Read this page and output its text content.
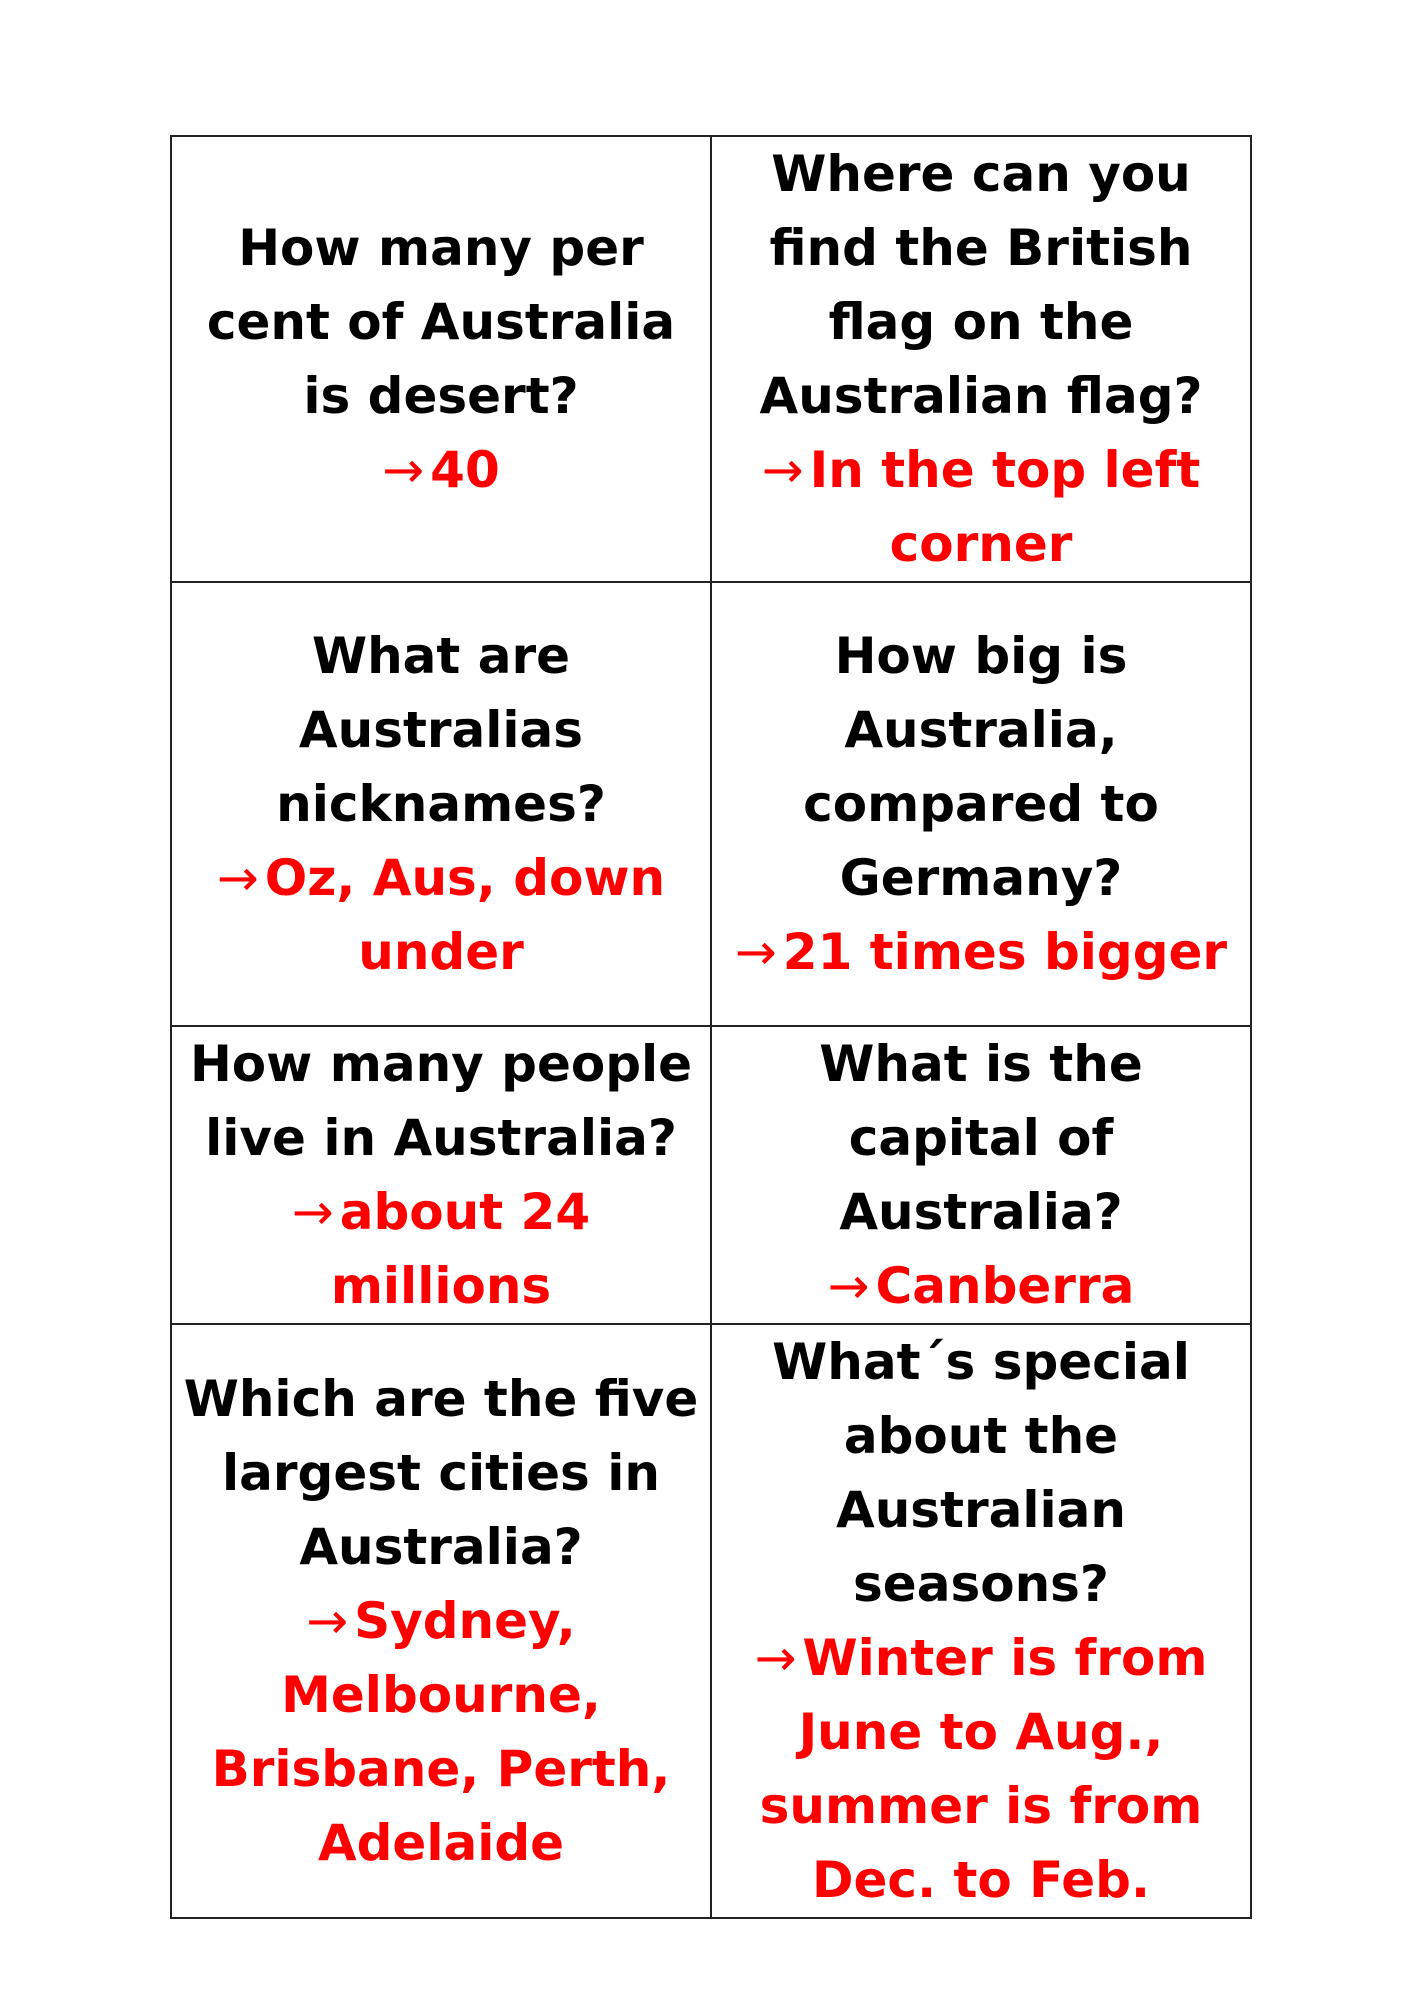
How many per cent of Australia is desert?
→ 40	Where can you find the British flag on the Australian flag?
→ In the top left corner

What are Australias nicknames?
→ Oz, Aus, down under	How big is Australia, compared to Germany?
→ 21 times bigger

How many people live in Australia?
→ about 24 millions	What is the capital of Australia?
→ Canberra

Which are the five largest cities in Australia?
→ Sydney, Melbourne, Brisbane, Perth, Adelaide	What´s special about the Australian seasons?
→ Winter is from June to Aug., summer is from Dec. to Feb.
